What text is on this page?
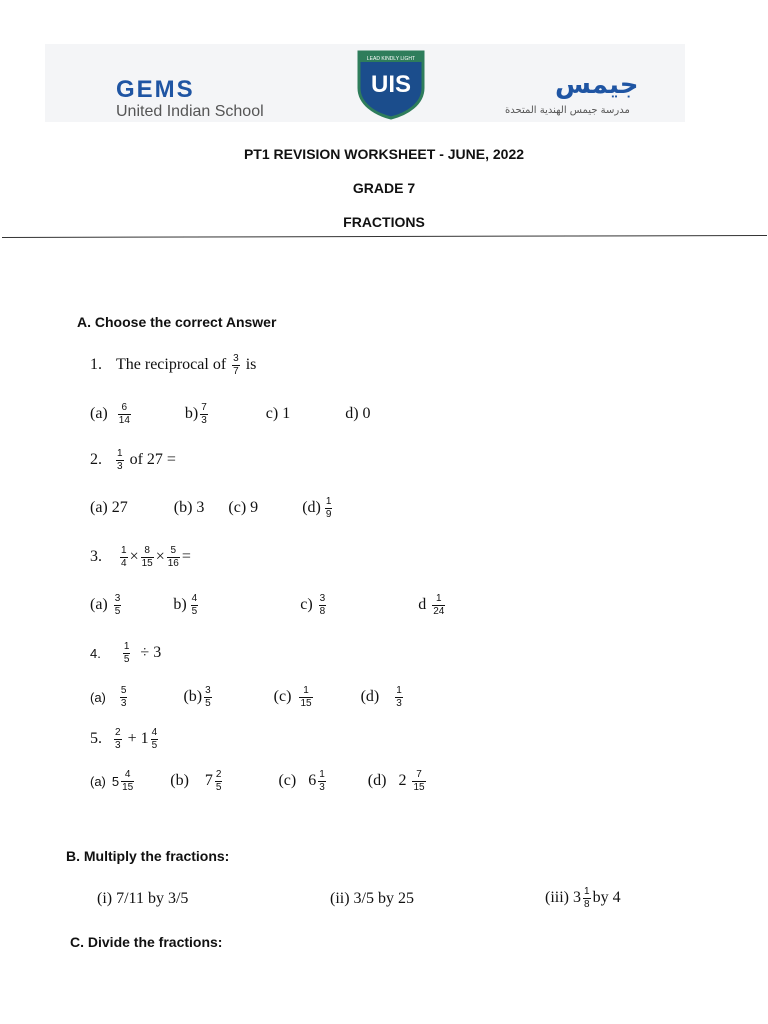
GEMS
United Indian School
LEAD KINDLY LIGHT
UIS	جيمس
مدرسة جيمس الهندية المتحدة
PT1 REVISION WORKSHEET - JUNE, 2022
GRADE 7
FRACTIONS
A. Choose the correct Answer
1. The reciprocal of $\frac{3}{7}$ is
$(a) \frac{6}{14}$	$b) \frac{7}{3}$	c) 1	d) 0
2. $\frac{1}{3}$ of 27 =
(a) 27	(b) 3 (c) 9	$(d) \frac{1}{9}$
3. $\frac{1}{4} \times \frac{8}{15} \times \frac{5}{16}$ =
$(a) \frac{3}{5}$	$b) \frac{4}{5}$	$c) \frac{3}{8}$	d $\frac{1}{24}$
4. $\frac{1}{5} \div 3$
$(a) \frac{5}{3}$	$(b) \frac{3}{5}$	$(c) \frac{1}{15}$	$(d) \frac{1}{3}$
5. $\frac{2}{3} + 1 \frac{4}{5}$
(a) $5 \frac{4}{15} (b)$ $7 \frac{2}{5}$	(c) $6 \frac{1}{3}$	(d) $2 \frac{7}{15}$
B. Multiply the fractions:
(i) 7/11 by 3/5	(ii) 3/5 by 25	(iii) $3 \frac{1}{8}$ by 4
C. Divide the fractions:
